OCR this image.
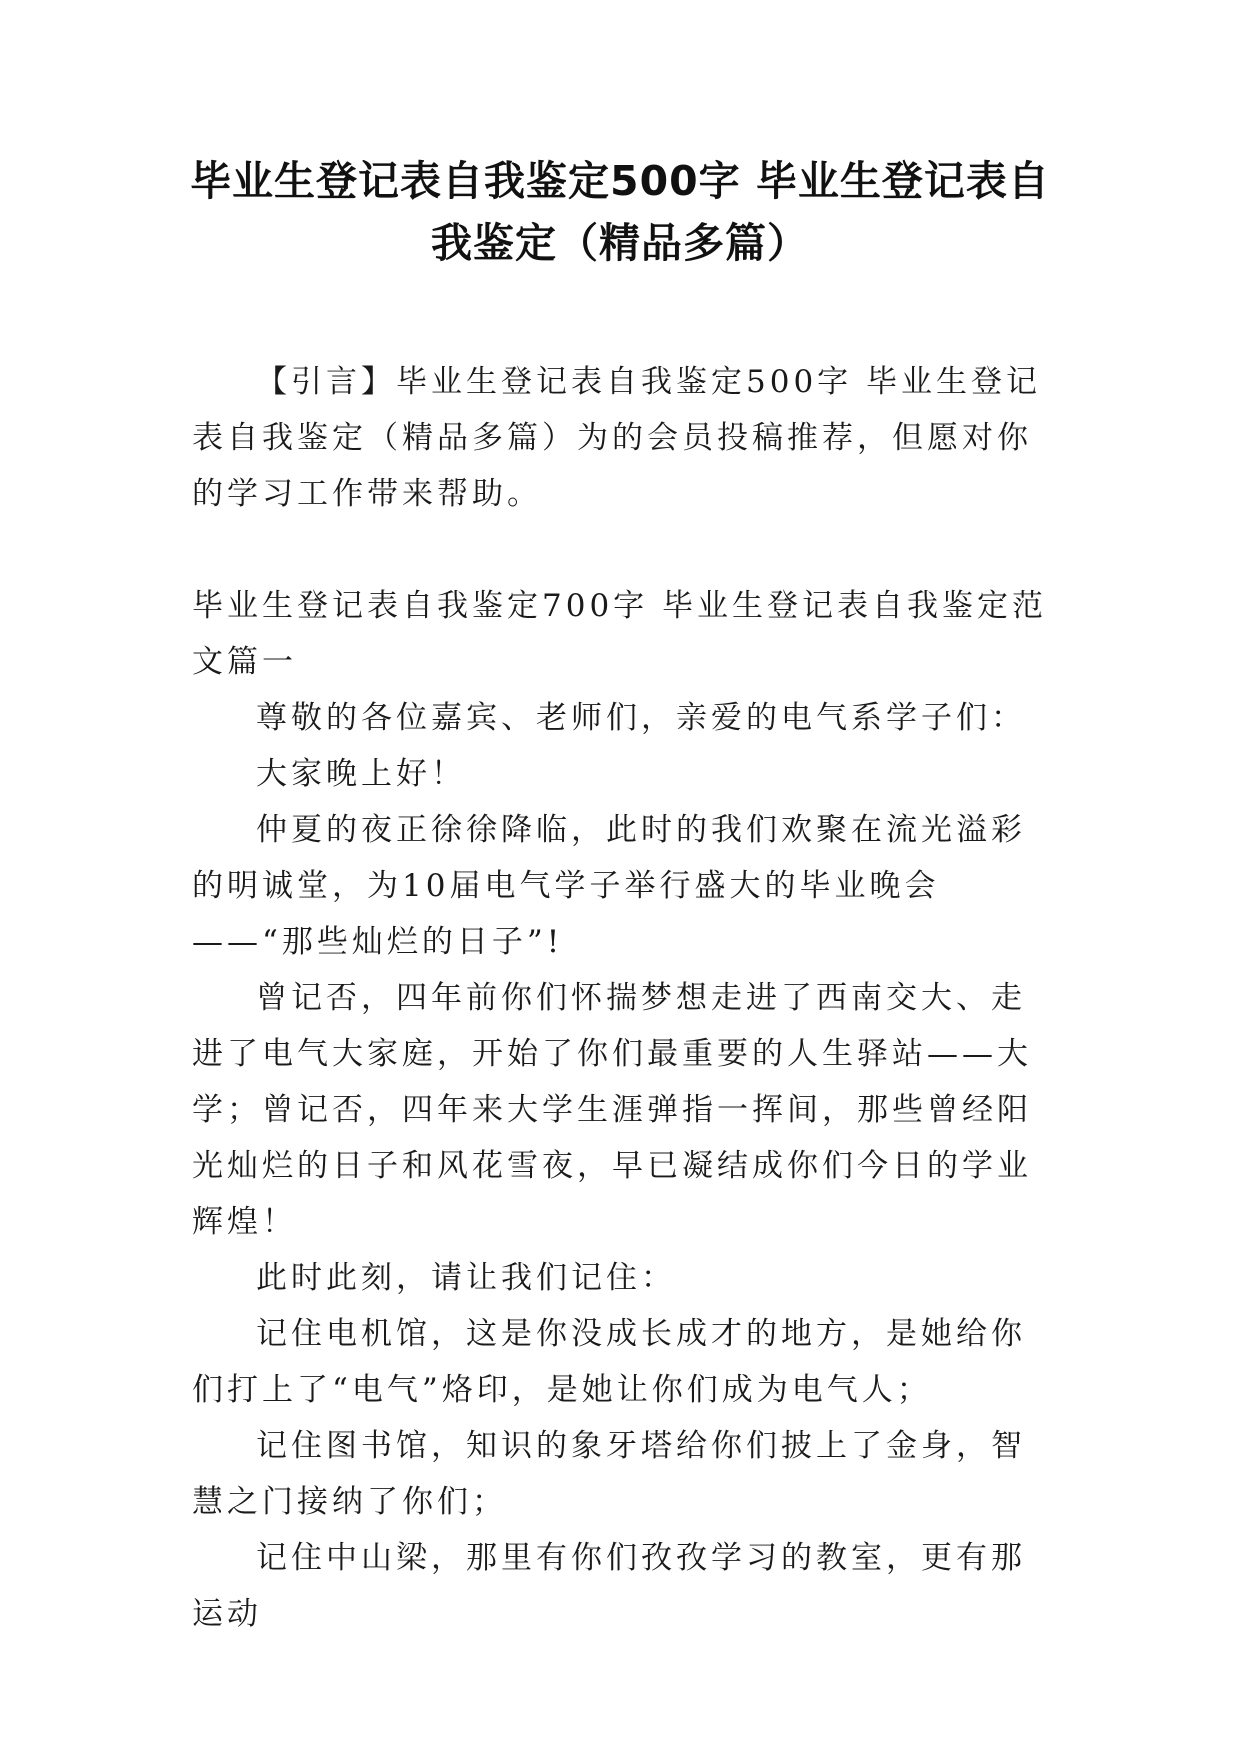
毕业生登记表自我鉴定500字 毕业生登记表自我鉴定（精品多篇）

【引言】毕业生登记表自我鉴定500字 毕业生登记表自我鉴定（精品多篇）为的会员投稿推荐，但愿对你的学习工作带来帮助。

毕业生登记表自我鉴定700字 毕业生登记表自我鉴定范文篇一

尊敬的各位嘉宾、老师们，亲爱的电气系学子们：

大家晚上好！

仲夏的夜正徐徐降临，此时的我们欢聚在流光溢彩的明诚堂，为10届电气学子举行盛大的毕业晚会——“那些灿烂的日子”!

曾记否，四年前你们怀揣梦想走进了西南交大、走进了电气大家庭，开始了你们最重要的人生驿站——大学；曾记否，四年来大学生涯弹指一挥间，那些曾经阳光灿烂的日子和风花雪夜，早已凝结成你们今日的学业辉煌！

此时此刻，请让我们记住：

记住电机馆，这是你没成长成才的地方，是她给你们打上了“电气”烙印，是她让你们成为电气人；

记住图书馆，知识的象牙塔给你们披上了金身，智慧之门接纳了你们；

记住中山梁，那里有你们孜孜学习的教室，更有那运动
